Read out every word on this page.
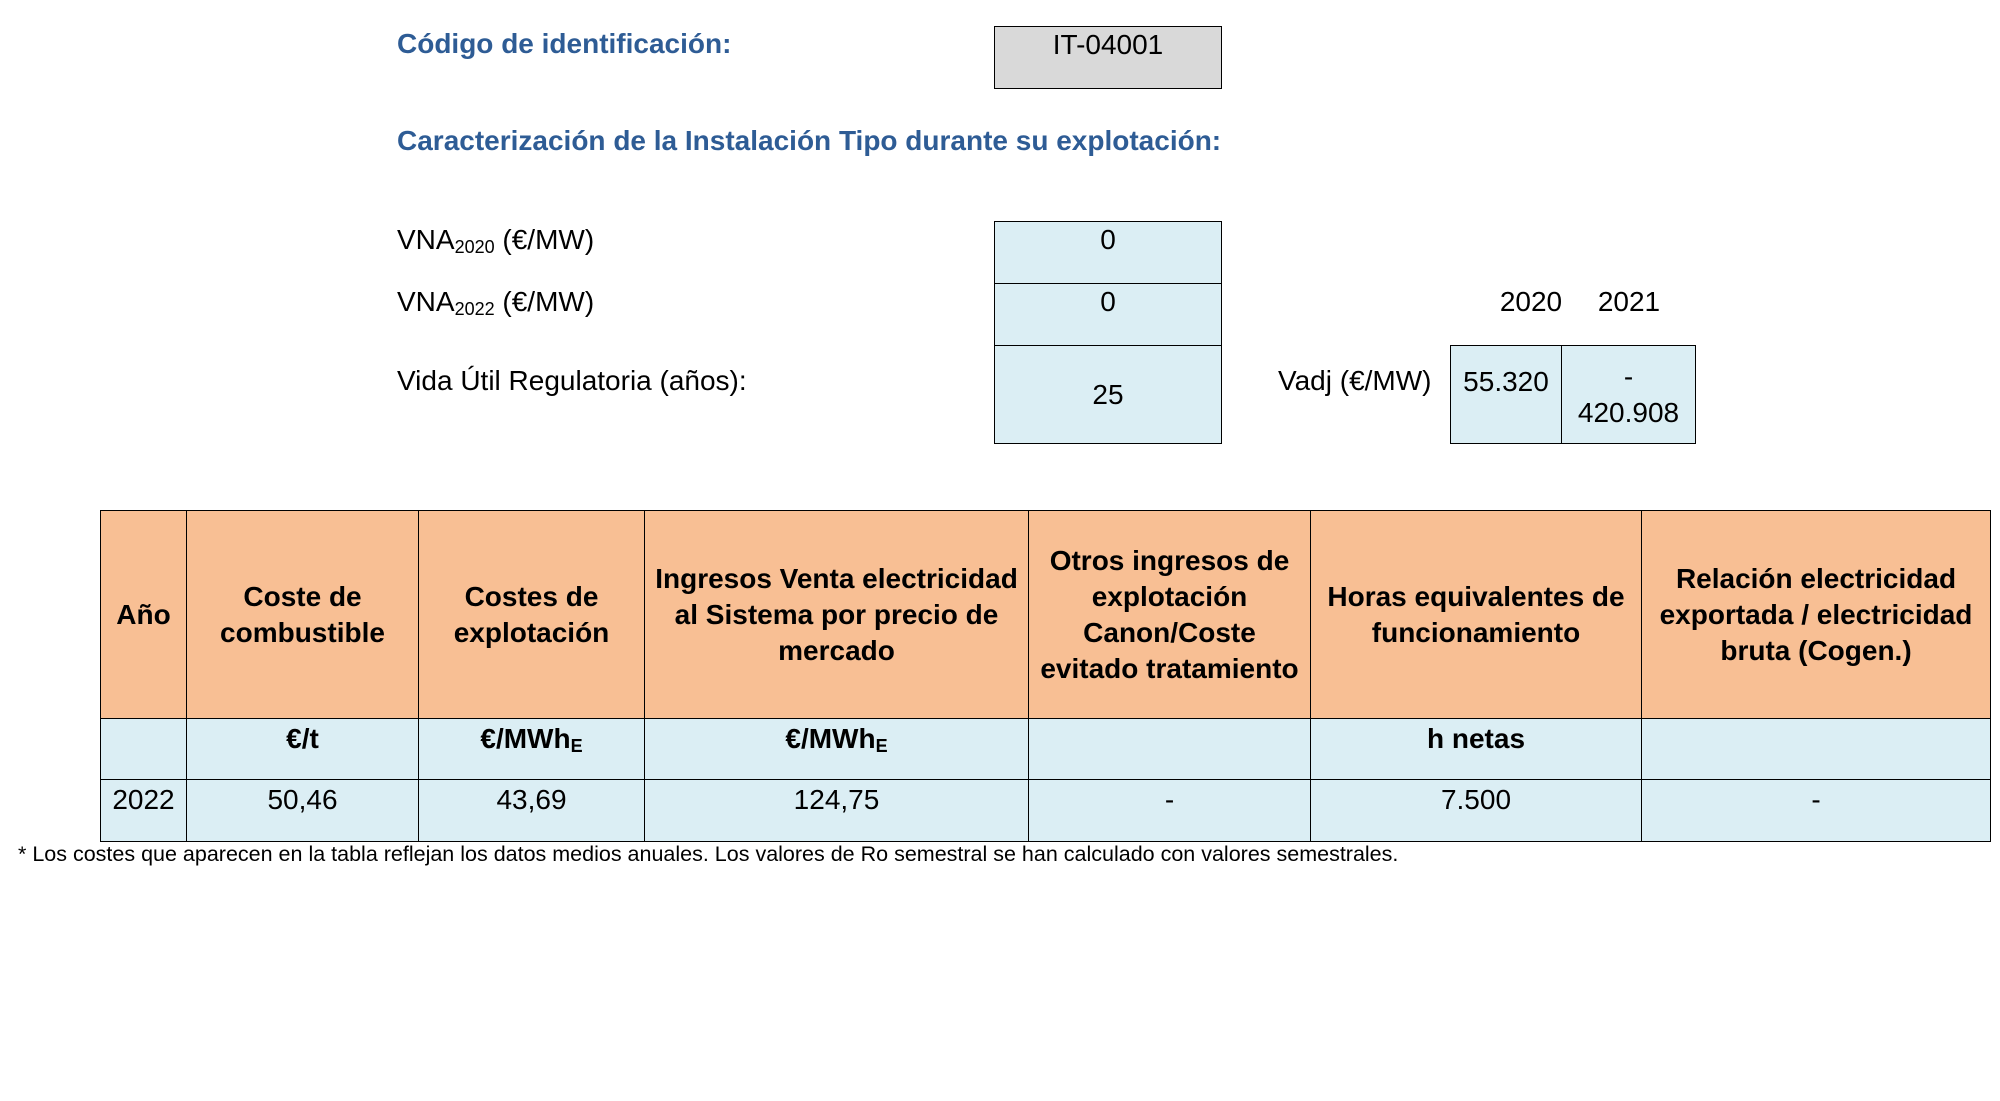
Código de identificación:	IT-04001
Caracterización de la Instalación Tipo durante su explotación:
$VNA_{2020}$ (€/MW)	0
$VNA_{2022}$ (€/MW)	0
Vida Útil Regulatoria (años):	25
2020	2021
Vadj (€/MW) 55.320	-
420.908
Año	Coste de combustible	Costes de explotación	Ingresos Venta electricidad al Sistema por precio de mercado	Otros ingresos de explotación Canon/Coste evitado tratamiento	Horas equivalentes de funcionamiento	Relación electricidad exportada / electricidad bruta (Cogen.)
	€/t	€/MWh$_E$	€/MWh$_E$		h netas	
2022	50,46	43,69	124,75	-	7.500	-
* Los costes que aparecen en la tabla reflejan los datos medios anuales. Los valores de Ro semestral se han calculado con valores semestrales.
